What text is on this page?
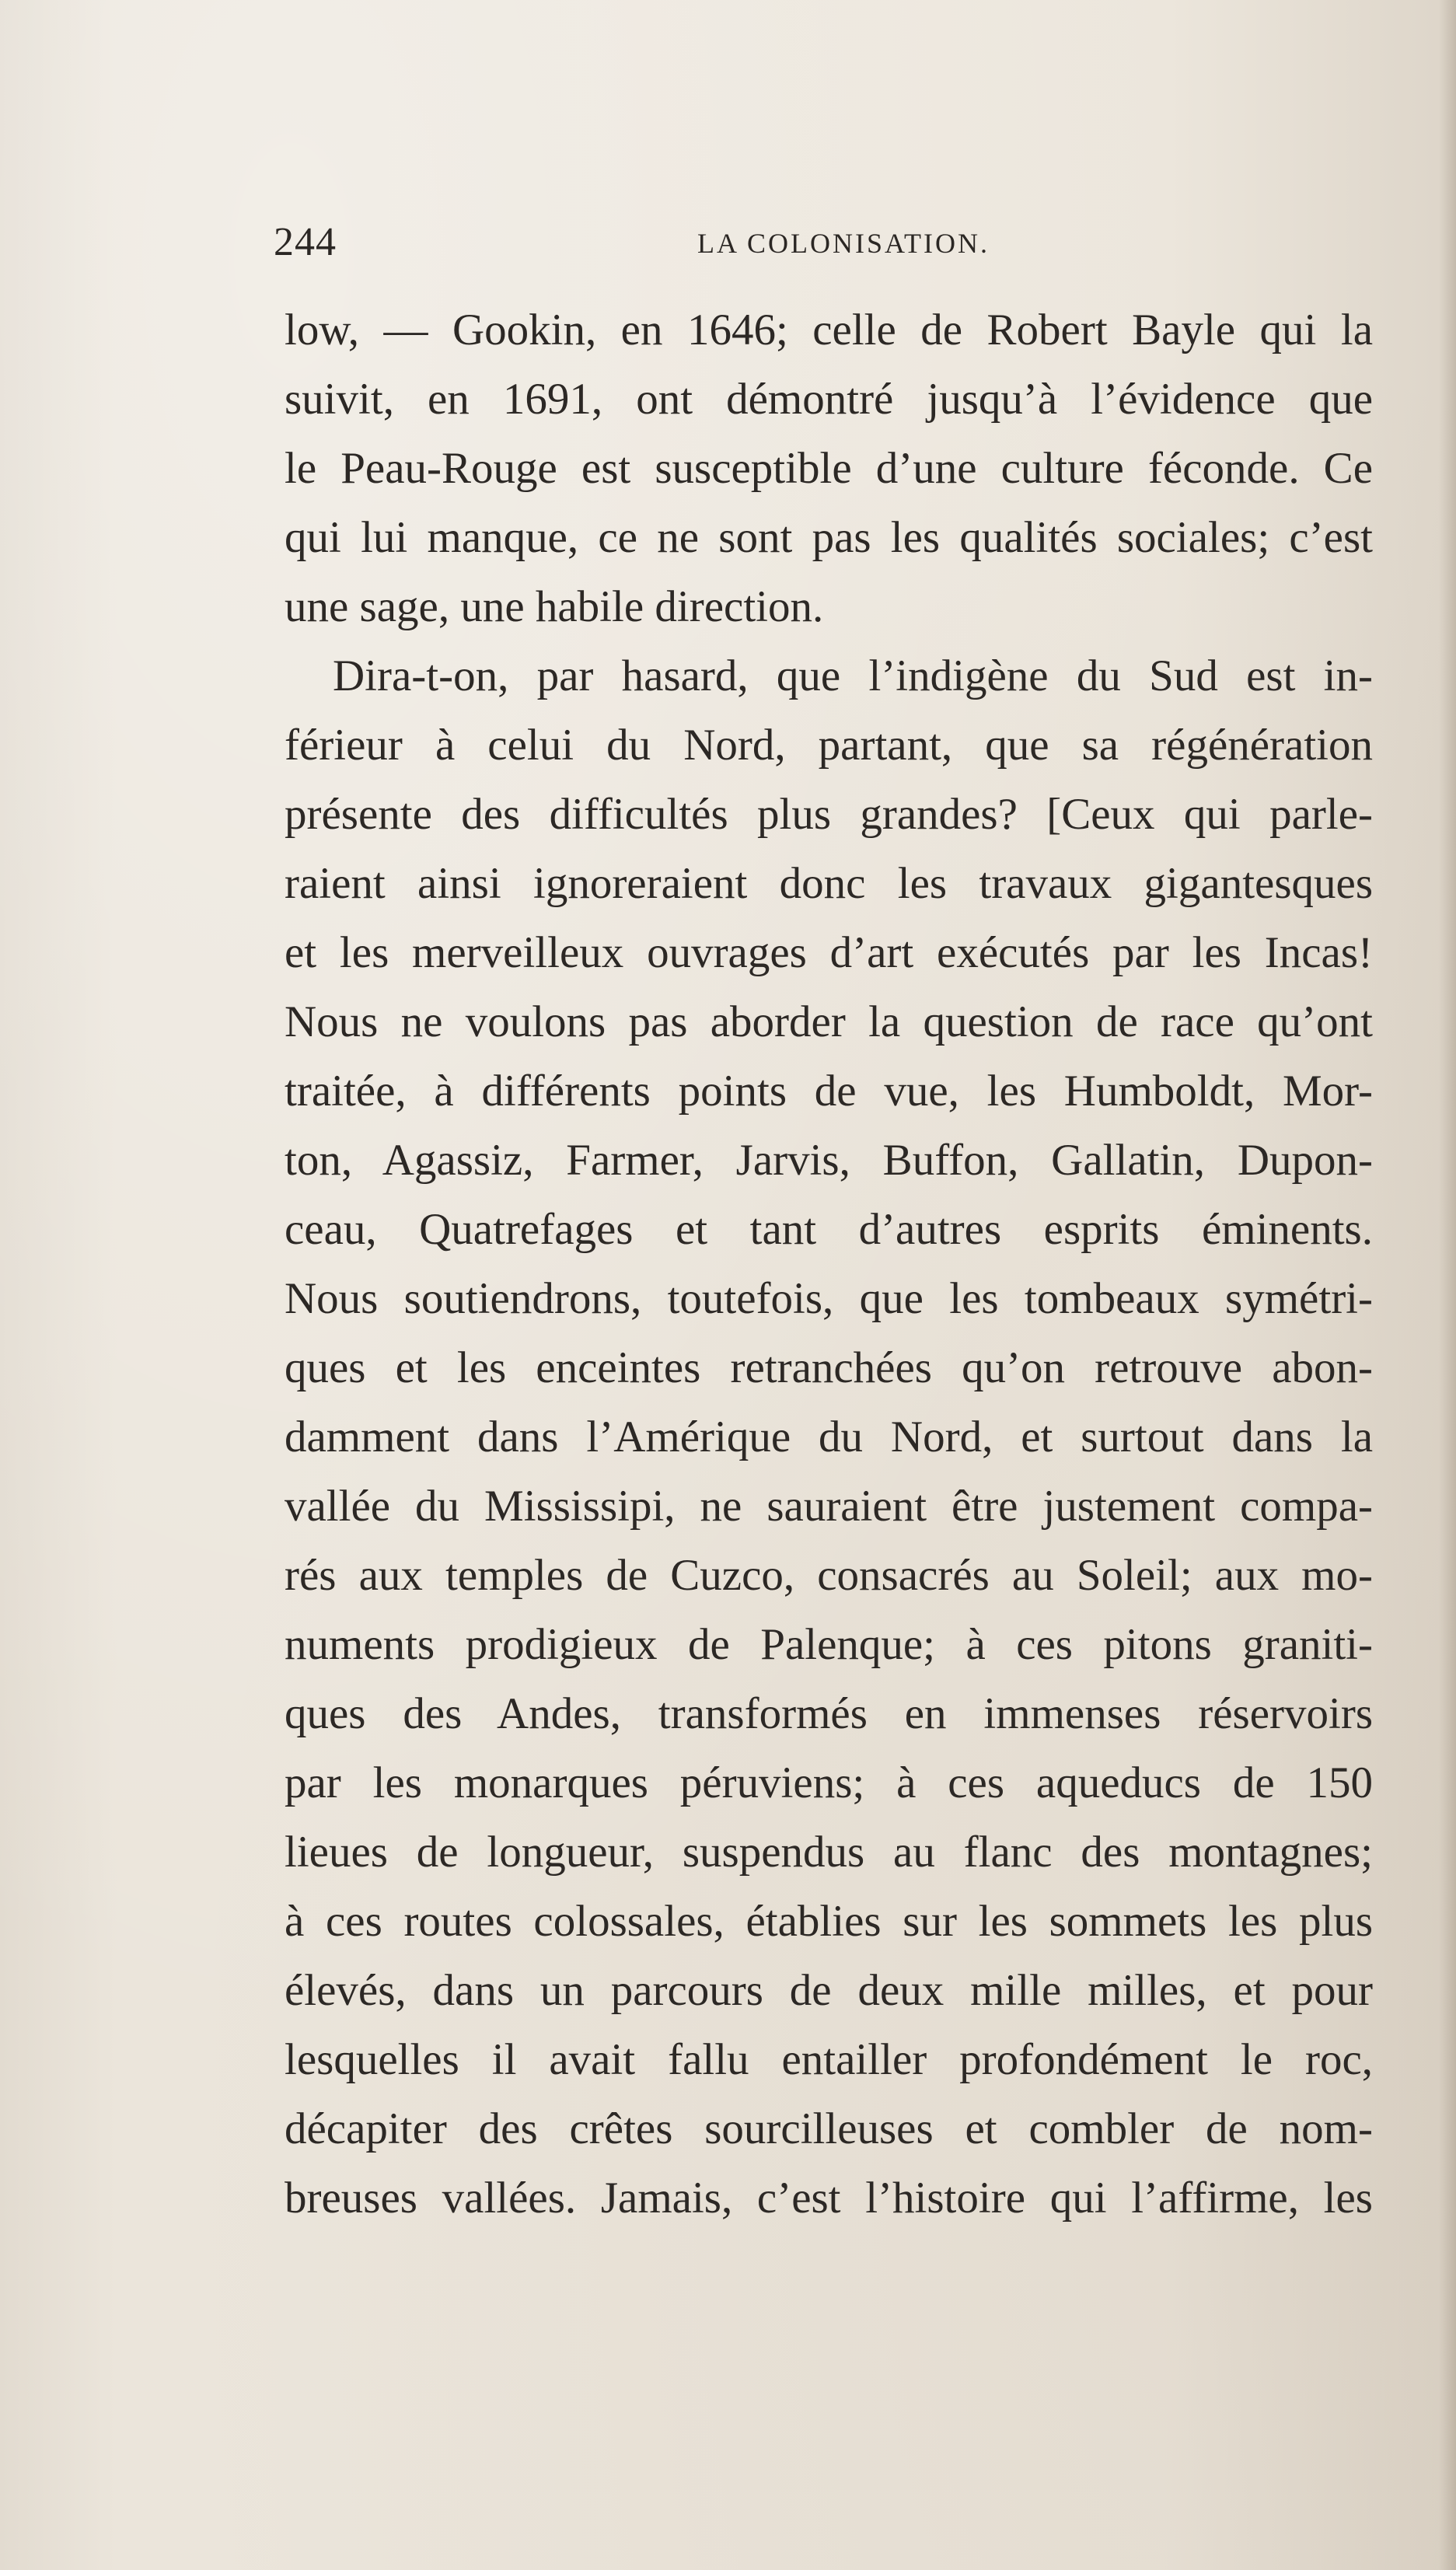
244	LA COLONISATION.
low, — Gookin, en 1646; celle de Robert Bayle qui la
suivit, en 1691, ont démontré jusqu’à l’évidence que
le Peau-Rouge est susceptible d’une culture féconde. Ce
qui lui manque, ce ne sont pas les qualités sociales; c’est
une sage, une habile direction.
Dira-t-on, par hasard, que l’indigène du Sud est in-
férieur à celui du Nord, partant, que sa régénération
présente des difficultés plus grandes? [Ceux qui parle-
raient ainsi ignoreraient donc les travaux gigantesques
et les merveilleux ouvrages d’art exécutés par les Incas!
Nous ne voulons pas aborder la question de race qu’ont
traitée, à différents points de vue, les Humboldt, Mor-
ton, Agassiz, Farmer, Jarvis, Buffon, Gallatin, Dupon-
ceau, Quatrefages et tant d’autres esprits éminents.
Nous soutiendrons, toutefois, que les tombeaux symétri-
ques et les enceintes retranchées qu’on retrouve abon-
damment dans l’Amérique du Nord, et surtout dans la
vallée du Mississipi, ne sauraient être justement compa-
rés aux temples de Cuzco, consacrés au Soleil; aux mo-
numents prodigieux de Palenque; à ces pitons graniti-
ques des Andes, transformés en immenses réservoirs
par les monarques péruviens; à ces aqueducs de 150
lieues de longueur, suspendus au flanc des montagnes;
à ces routes colossales, établies sur les sommets les plus
élevés, dans un parcours de deux mille milles, et pour
lesquelles il avait fallu entailler profondément le roc,
décapiter des crêtes sourcilleuses et combler de nom-
breuses vallées. Jamais, c’est l’histoire qui l’affirme, les
